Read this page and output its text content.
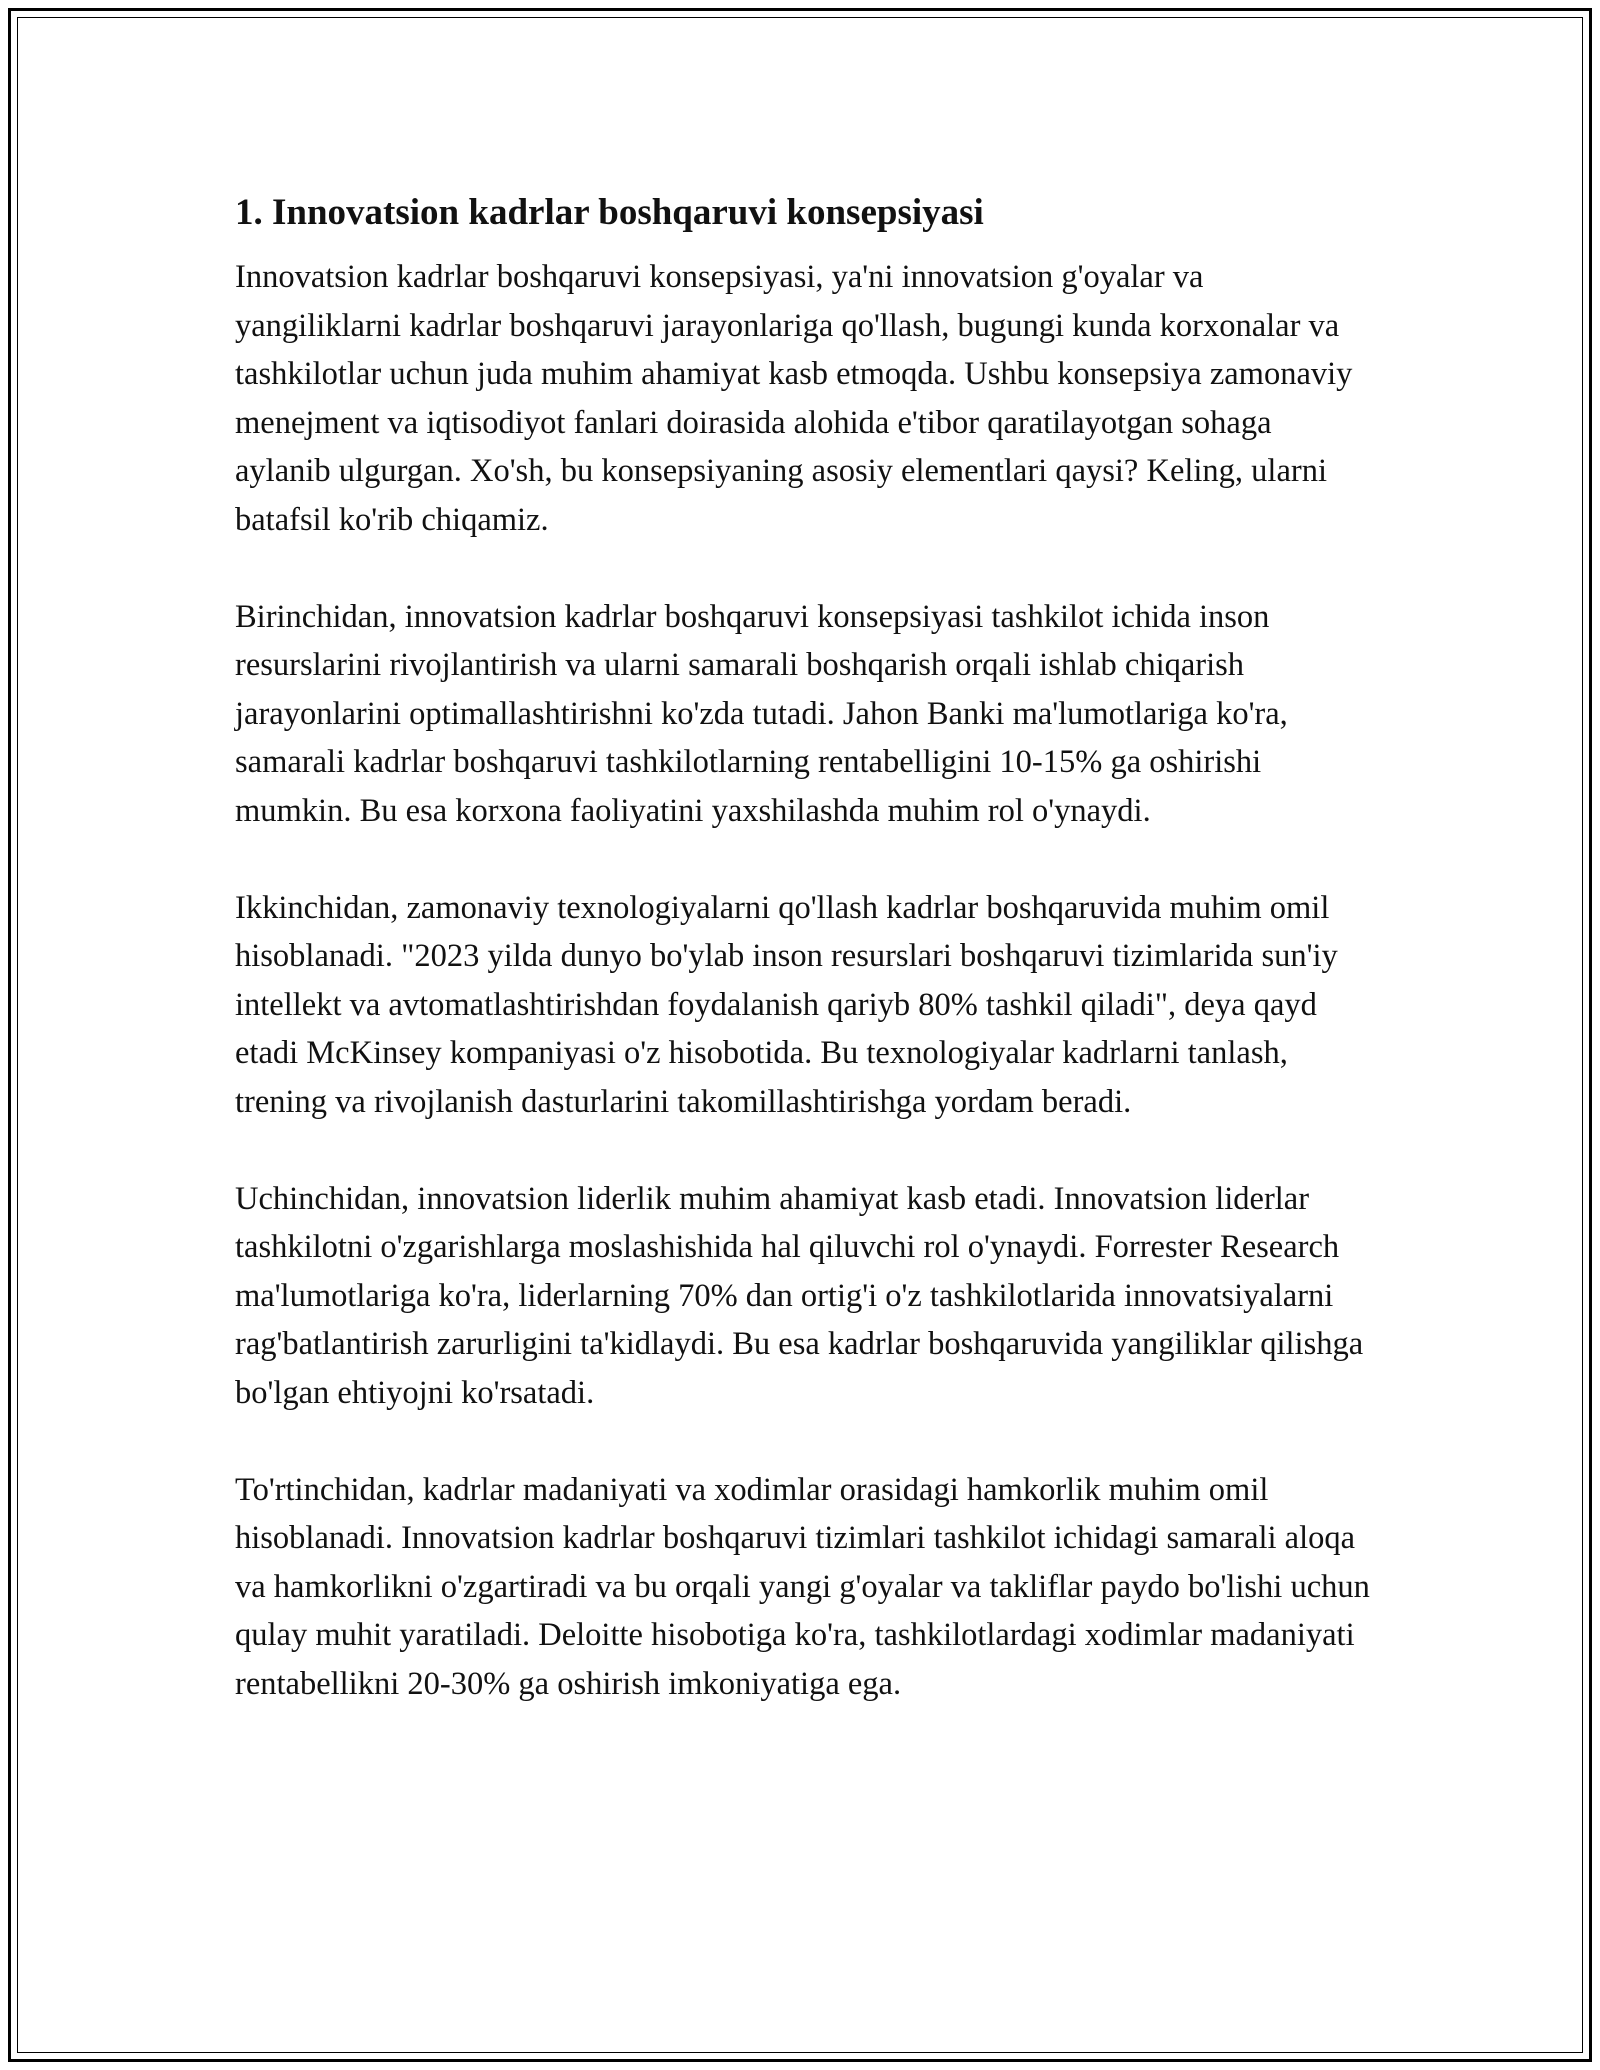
1. Innovatsion kadrlar boshqaruvi konsepsiyasi

Innovatsion kadrlar boshqaruvi konsepsiyasi, ya'ni innovatsion g'oyalar va yangiliklarni kadrlar boshqaruvi jarayonlariga qo'llash, bugungi kunda korxonalar va tashkilotlar uchun juda muhim ahamiyat kasb etmoqda. Ushbu konsepsiya zamonaviy menejment va iqtisodiyot fanlari doirasida alohida e'tibor qaratilayotgan sohaga aylanib ulgurgan. Xo'sh, bu konsepsiyaning asosiy elementlari qaysi? Keling, ularni batafsil ko'rib chiqamiz.

Birinchidan, innovatsion kadrlar boshqaruvi konsepsiyasi tashkilot ichida inson resurslarini rivojlantirish va ularni samarali boshqarish orqali ishlab chiqarish jarayonlarini optimallashtirishni ko'zda tutadi. Jahon Banki ma'lumotlariga ko'ra, samarali kadrlar boshqaruvi tashkilotlarning rentabelligini 10-15% ga oshirishi mumkin. Bu esa korxona faoliyatini yaxshilashda muhim rol o'ynaydi.

Ikkinchidan, zamonaviy texnologiyalarni qo'llash kadrlar boshqaruvida muhim omil hisoblanadi. "2023 yilda dunyo bo'ylab inson resurslari boshqaruvi tizimlarida sun'iy intellekt va avtomatlashtirishdan foydalanish qariyb 80% tashkil qiladi", deya qayd etadi McKinsey kompaniyasi o'z hisobotida. Bu texnologiyalar kadrlarni tanlash, trening va rivojlanish dasturlarini takomillashtirishga yordam beradi.

Uchinchidan, innovatsion liderlik muhim ahamiyat kasb etadi. Innovatsion liderlar tashkilotni o'zgarishlarga moslashishida hal qiluvchi rol o'ynaydi. Forrester Research ma'lumotlariga ko'ra, liderlarning 70% dan ortig'i o'z tashkilotlarida innovatsiyalarni rag'batlantirish zarurligini ta'kidlaydi. Bu esa kadrlar boshqaruvida yangiliklar qilishga bo'lgan ehtiyojni ko'rsatadi.

To'rtinchidan, kadrlar madaniyati va xodimlar orasidagi hamkorlik muhim omil hisoblanadi. Innovatsion kadrlar boshqaruvi tizimlari tashkilot ichidagi samarali aloqa va hamkorlikni o'zgartiradi va bu orqali yangi g'oyalar va takliflar paydo bo'lishi uchun qulay muhit yaratiladi. Deloitte hisobotiga ko'ra, tashkilotlardagi xodimlar madaniyati rentabellikni 20-30% ga oshirish imkoniyatiga ega.
